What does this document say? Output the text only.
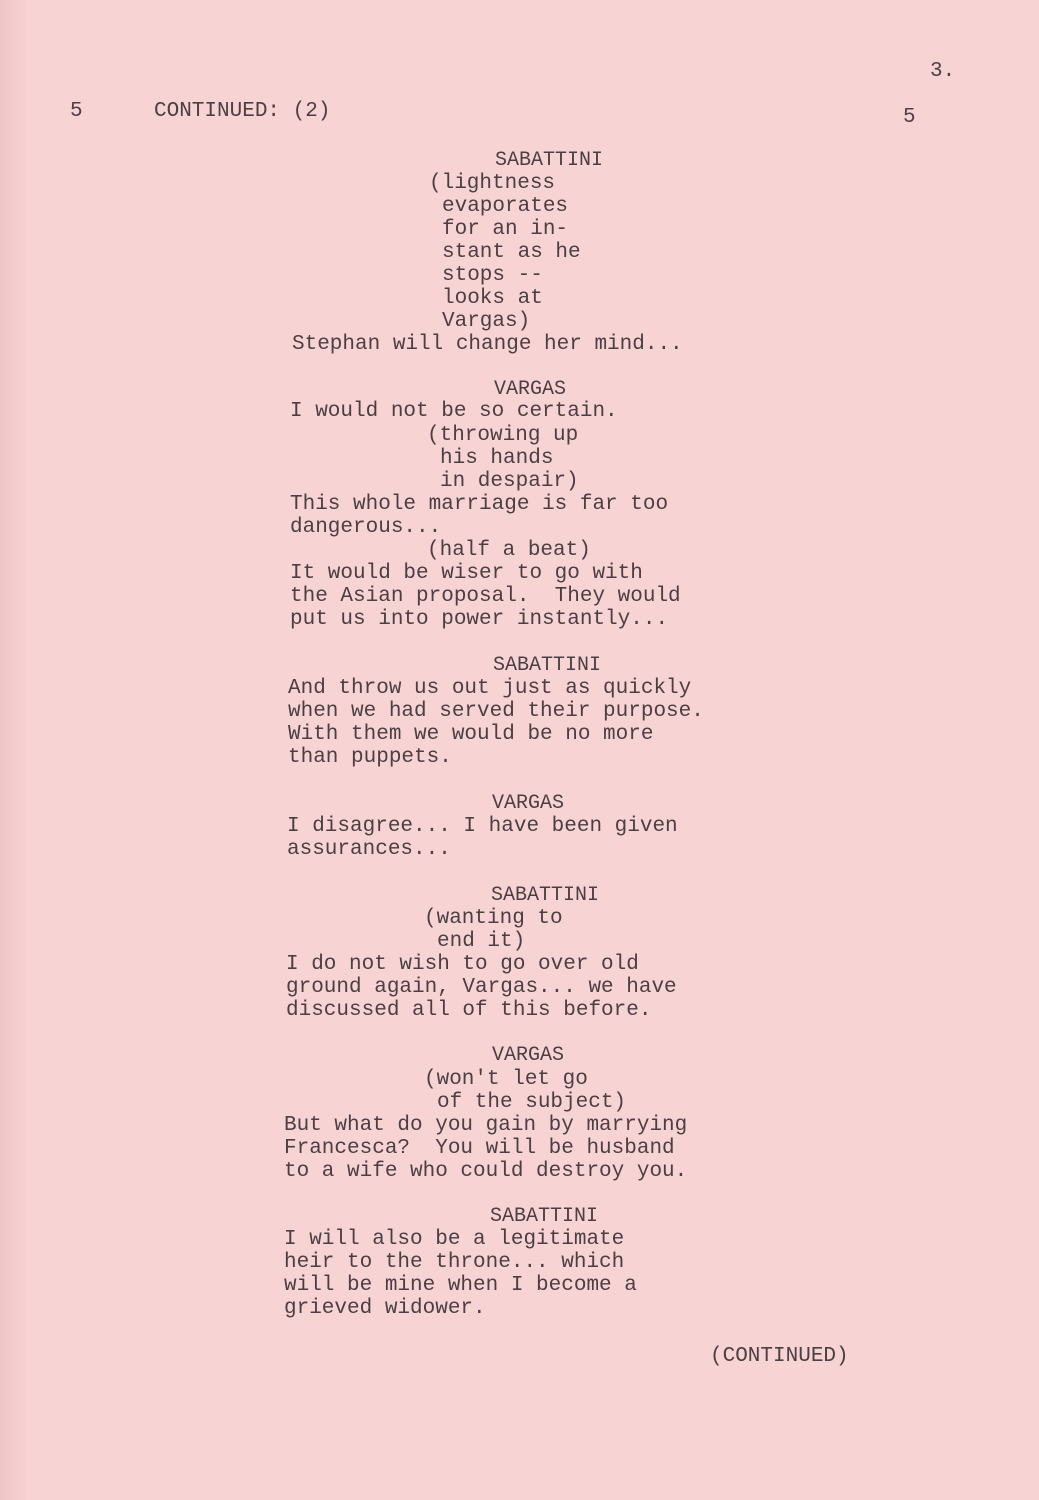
3.
5	CONTINUED: (2)	5
SABATTINI
(lightness
evaporates
for an in-
stant as he
stops --
looks at
Vargas)
Stephan will change her mind...
VARGAS
I would not be so certain.
(throwing up
his hands
in despair)
This whole marriage is far too
dangerous...
(half a beat)
It would be wiser to go with
the Asian proposal.  They would
put us into power instantly...
SABATTINI
And throw us out just as quickly
when we had served their purpose.
With them we would be no more
than puppets.
VARGAS
I disagree... I have been given
assurances...
SABATTINI
(wanting to
end it)
I do not wish to go over old
ground again, Vargas... we have
discussed all of this before.
VARGAS
(won't let go
of the subject)
But what do you gain by marrying
Francesca?  You will be husband
to a wife who could destroy you.
SABATTINI
I will also be a legitimate
heir to the throne... which
will be mine when I become a
grieved widower.
(CONTINUED)
